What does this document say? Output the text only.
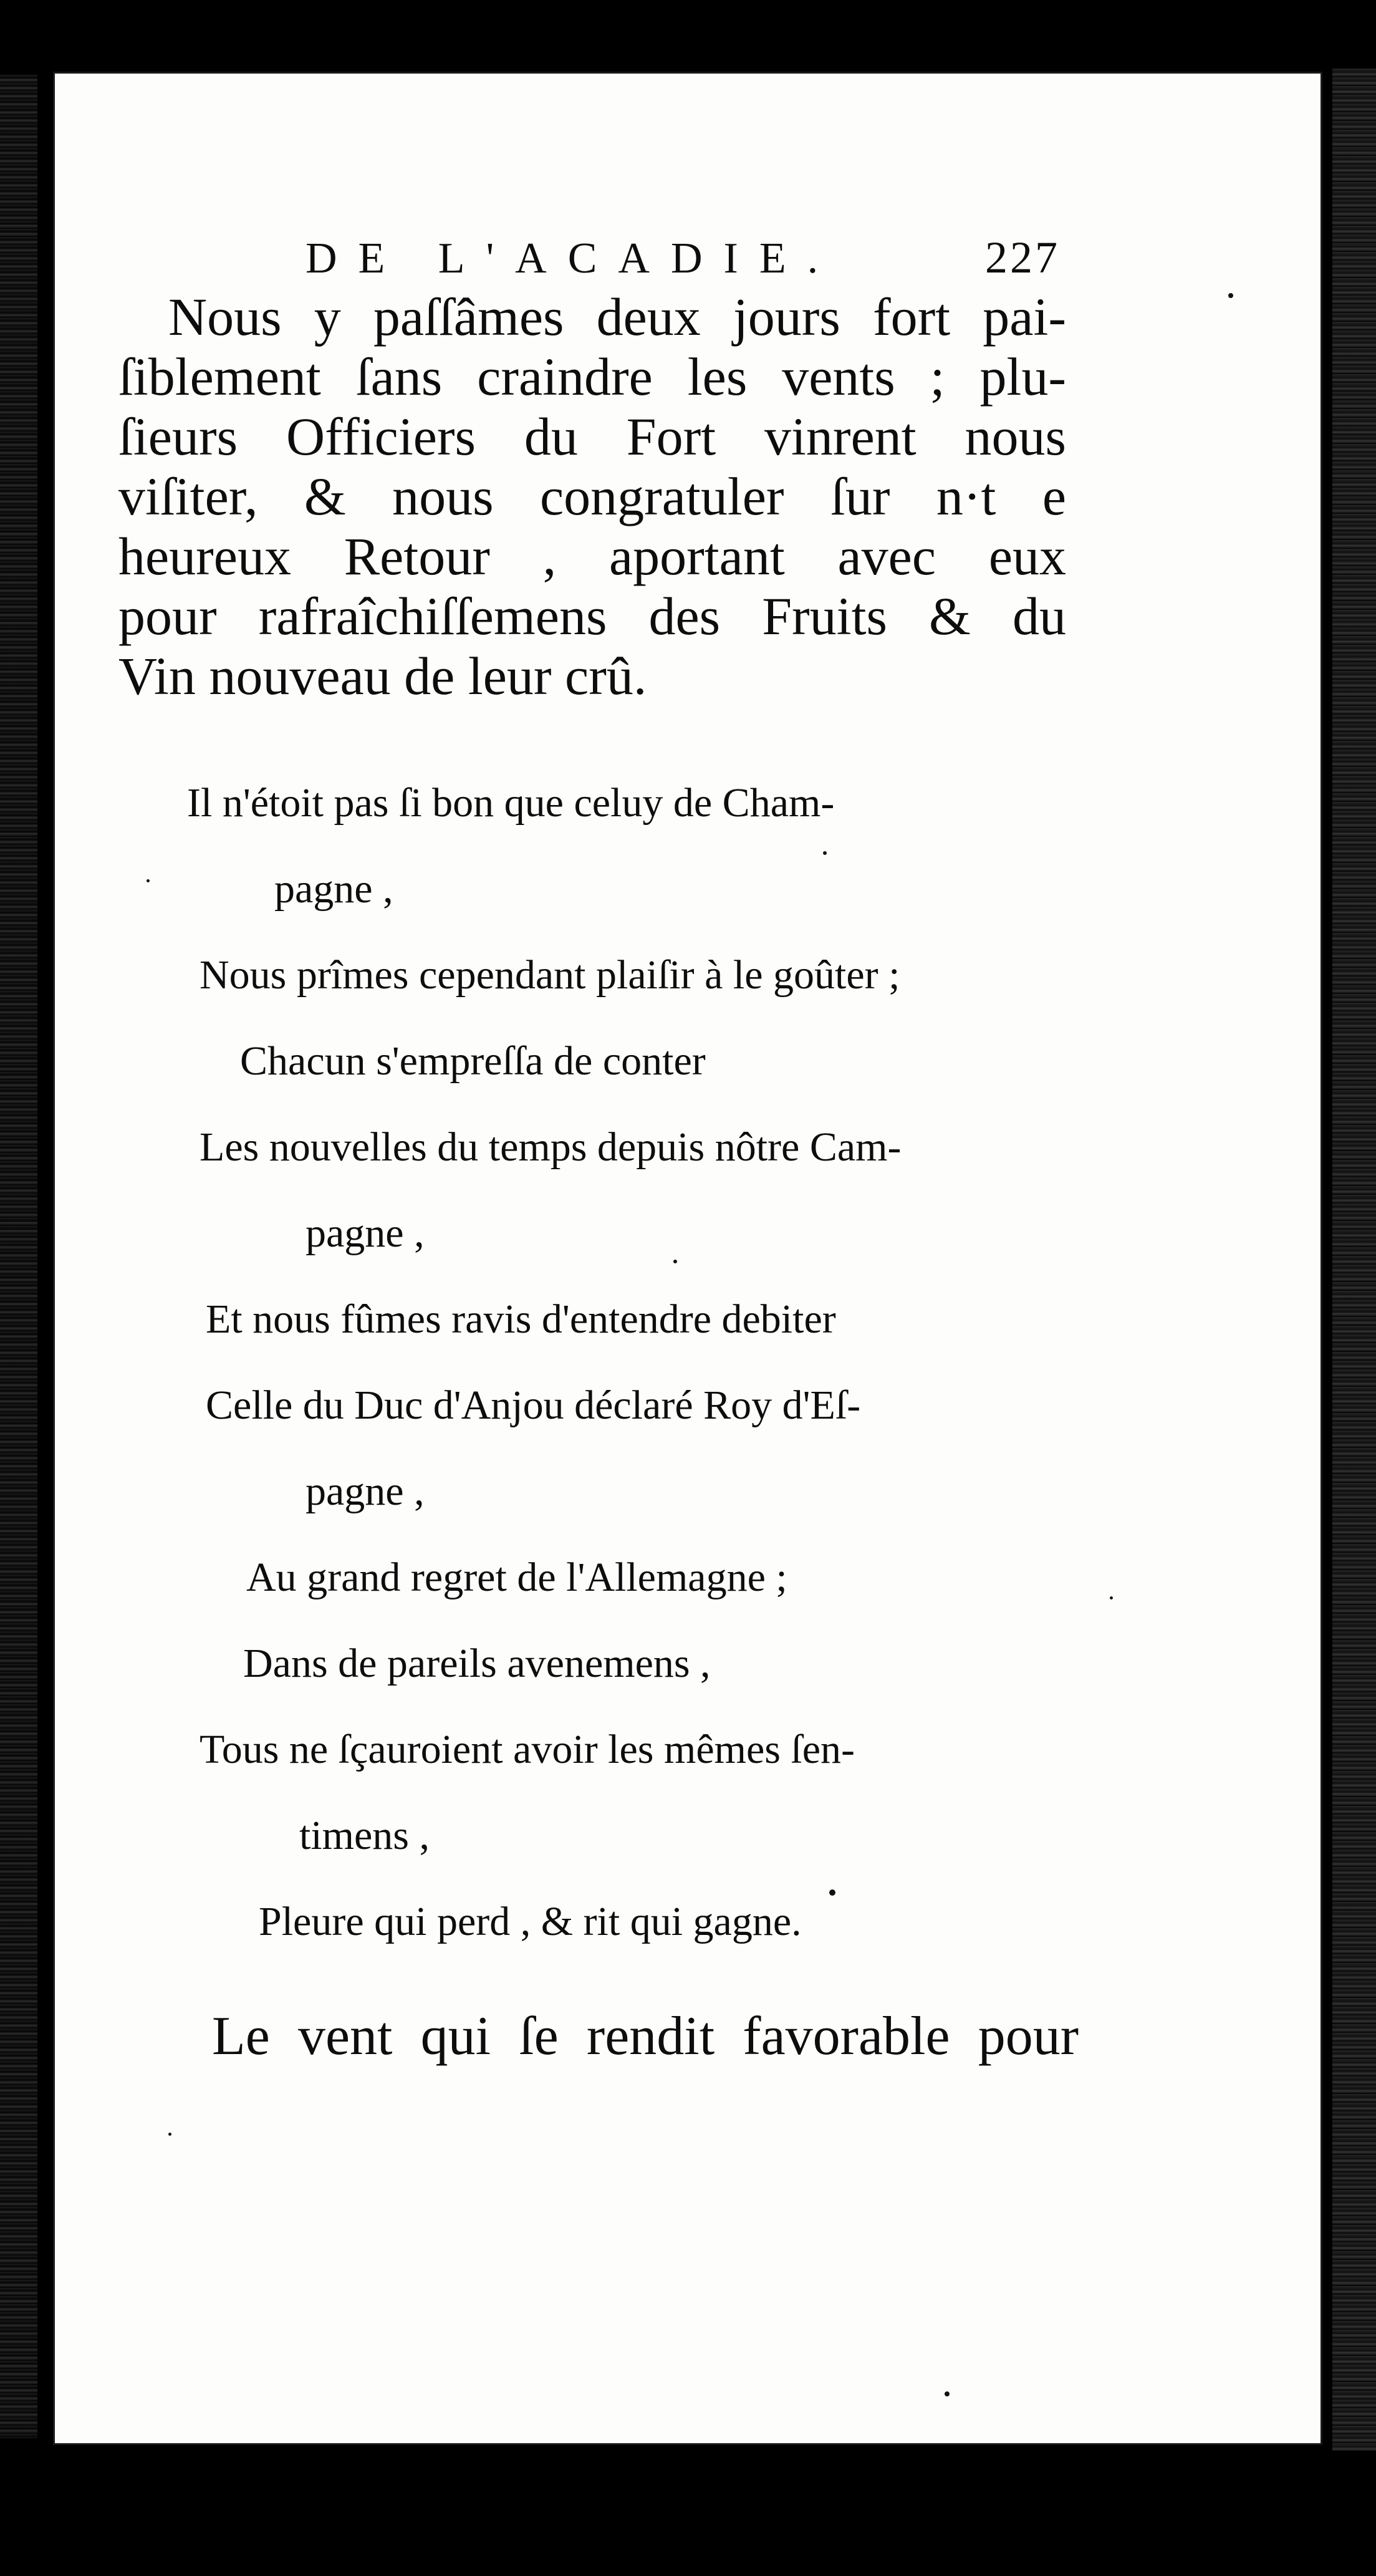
DE L'ACADIE.	227
Nous y paſſâmes deux jours fort pai-
ſiblement ſans craindre les vents ; plu-
ſieurs Officiers du Fort vinrent nous
viſiter, & nous congratuler ſur n·t e
heureux Retour , aportant avec eux
pour rafraîchiſſemens des Fruits & du
Vin nouveau de leur crû.
Il n'étoit pas ſi bon que celuy de Cham-
pagne ,
Nous prîmes cependant plaiſir à le goûter ;
Chacun s'empreſſa de conter
Les nouvelles du temps depuis nôtre Cam-
pagne ,
Et nous fûmes ravis d'entendre debiter
Celle du Duc d'Anjou déclaré Roy d'Eſ-
pagne ,
Au grand regret de l'Allemagne ;
Dans de pareils avenemens ,
Tous ne ſçauroient avoir les mêmes ſen-
timens ,
Pleure qui perd , & rit qui gagne.
Le vent qui ſe rendit favorable pour
